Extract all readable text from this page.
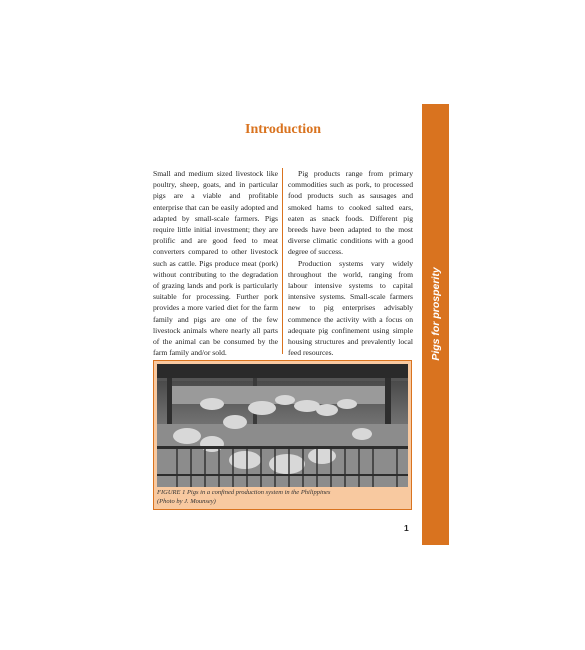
Pigs for prosperity
Introduction

Small and medium sized livestock like poultry, sheep, goats, and in particular pigs are a viable and profitable enterprise that can be easily adopted and adapted by small-scale farmers. Pigs require little initial investment; they are prolific and are good feed to meat converters compared to other livestock such as cattle. Pigs produce meat (pork) without contributing to the degradation of grazing lands and pork is particularly suitable for processing. Further pork provides a more varied diet for the farm family and pigs are one of the few livestock animals where nearly all parts of the animal can be consumed by the farm family and/or sold.

Pig products range from primary commodities such as pork, to processed food products such as sausages and smoked hams to cooked salted ears, eaten as snack foods. Different pig breeds have been adapted to the most diverse climatic conditions with a good degree of success.

Production systems vary widely throughout the world, ranging from labour intensive systems to capital intensive systems. Small-scale farmers new to pig enterprises advisably commence the activity with a focus on adequate pig confinement using simple housing structures and prevalently local feed resources.

FIGURE 1 Pigs in a confined production system in the Philippines
(Photo by J. Mounsey)
1
